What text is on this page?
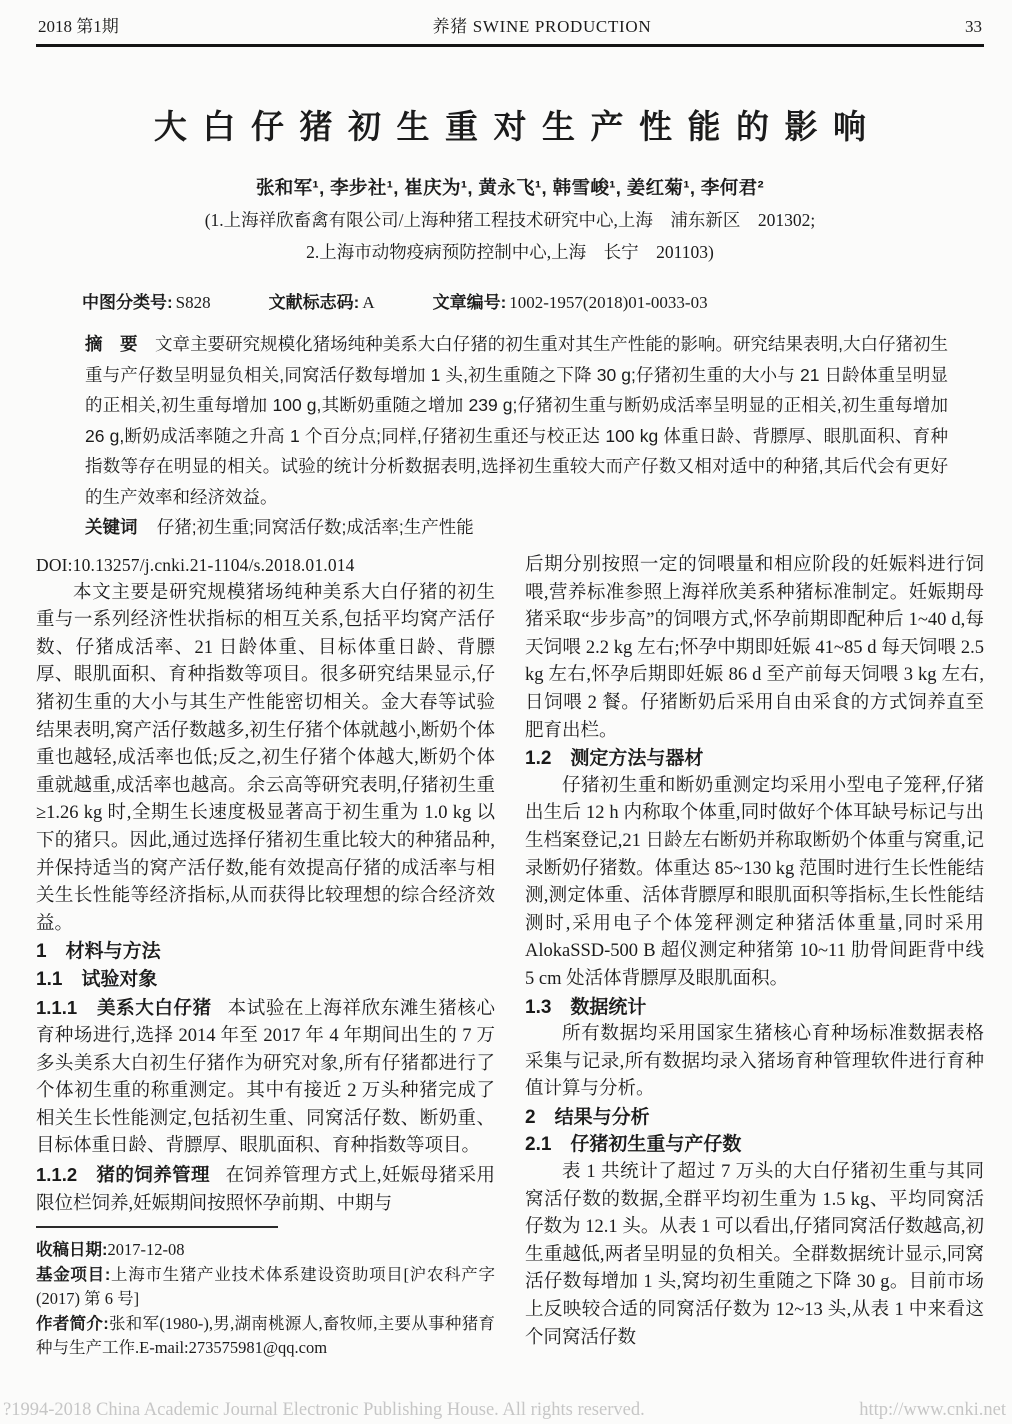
2018 第1期	养猪 SWINE PRODUCTION	33
大白仔猪初生重对生产性能的影响
张和军¹, 李步社¹, 崔庆为¹, 黄永飞¹, 韩雪峻¹, 姜红菊¹, 李何君²
(1.上海祥欣畜禽有限公司/上海种猪工程技术研究中心,上海　浦东新区　201302;
2.上海市动物疫病预防控制中心,上海　长宁　201103)
中图分类号: S828	文献标志码: A	文章编号: 1002-1957(2018)01-0033-03

摘　要 文章主要研究规模化猪场纯种美系大白仔猪的初生重对其生产性能的影响。研究结果表明,大白仔猪初生重与产仔数呈明显负相关,同窝活仔数每增加 1 头,初生重随之下降 30 g;仔猪初生重的大小与 21 日龄体重呈明显的正相关,初生重每增加 100 g,其断奶重随之增加 239 g;仔猪初生重与断奶成活率呈明显的正相关,初生重每增加 26 g,断奶成活率随之升高 1 个百分点;同样,仔猪初生重还与校正达 100 kg 体重日龄、背膘厚、眼肌面积、育种指数等存在明显的相关。试验的统计分析数据表明,选择初生重较大而产仔数又相对适中的种猪,其后代会有更好的生产效率和经济效益。

关键词 仔猪;初生重;同窝活仔数;成活率;生产性能

DOI:10.13257/j.cnki.21-1104/s.2018.01.014

本文主要是研究规模猪场纯种美系大白仔猪的初生重与一系列经济性状指标的相互关系,包括平均窝产活仔数、仔猪成活率、21 日龄体重、目标体重日龄、背膘厚、眼肌面积、育种指数等项目。很多研究结果显示,仔猪初生重的大小与其生产性能密切相关。金大春等试验结果表明,窝产活仔数越多,初生仔猪个体就越小,断奶个体重也越轻,成活率也低;反之,初生仔猪个体越大,断奶个体重就越重,成活率也越高。余云高等研究表明,仔猪初生重≥1.26 kg 时,全期生长速度极显著高于初生重为 1.0 kg 以下的猪只。因此,通过选择仔猪初生重比较大的种猪品种,并保持适当的窝产活仔数,能有效提高仔猪的成活率与相关生长性能等经济指标,从而获得比较理想的综合经济效益。

1　材料与方法
1.1　试验对象

1.1.1　美系大白仔猪 本试验在上海祥欣东滩生猪核心育种场进行,选择 2014 年至 2017 年 4 年期间出生的 7 万多头美系大白初生仔猪作为研究对象,所有仔猪都进行了个体初生重的称重测定。其中有接近 2 万头种猪完成了相关生长性能测定,包括初生重、同窝活仔数、断奶重、目标体重日龄、背膘厚、眼肌面积、育种指数等项目。

1.1.2　猪的饲养管理 在饲养管理方式上,妊娠母猪采用限位栏饲养,妊娠期间按照怀孕前期、中期与

收稿日期:2017-12-08

基金项目:上海市生猪产业技术体系建设资助项目[沪农科产字(2017) 第 6 号]

作者简介:张和军(1980-),男,湖南桃源人,畜牧师,主要从事种猪育种与生产工作.E-mail:273575981@qq.com

后期分别按照一定的饲喂量和相应阶段的妊娠料进行饲喂,营养标准参照上海祥欣美系种猪标准制定。妊娠期母猪采取“步步高”的饲喂方式,怀孕前期即配种后 1~40 d,每天饲喂 2.2 kg 左右;怀孕中期即妊娠 41~85 d 每天饲喂 2.5 kg 左右,怀孕后期即妊娠 86 d 至产前每天饲喂 3 kg 左右,日饲喂 2 餐。仔猪断奶后采用自由采食的方式饲养直至肥育出栏。

1.2　测定方法与器材

仔猪初生重和断奶重测定均采用小型电子笼秤,仔猪出生后 12 h 内称取个体重,同时做好个体耳缺号标记与出生档案登记,21 日龄左右断奶并称取断奶个体重与窝重,记录断奶仔猪数。体重达 85~130 kg 范围时进行生长性能结测,测定体重、活体背膘厚和眼肌面积等指标,生长性能结测时,采用电子个体笼秤测定种猪活体重量,同时采用 AlokaSSD-500 B 超仪测定种猪第 10~11 肋骨间距背中线 5 cm 处活体背膘厚及眼肌面积。

1.3　数据统计

所有数据均采用国家生猪核心育种场标准数据表格采集与记录,所有数据均录入猪场育种管理软件进行育种值计算与分析。

2　结果与分析
2.1　仔猪初生重与产仔数

表 1 共统计了超过 7 万头的大白仔猪初生重与其同窝活仔数的数据,全群平均初生重为 1.5 kg、平均同窝活仔数为 12.1 头。从表 1 可以看出,仔猪同窝活仔数越高,初生重越低,两者呈明显的负相关。全群数据统计显示,同窝活仔数每增加 1 头,窝均初生重随之下降 30 g。目前市场上反映较合适的同窝活仔数为 12~13 头,从表 1 中来看这个同窝活仔数

?1994-2018 China Academic Journal Electronic Publishing House. All rights reserved.	http://www.cnki.net
